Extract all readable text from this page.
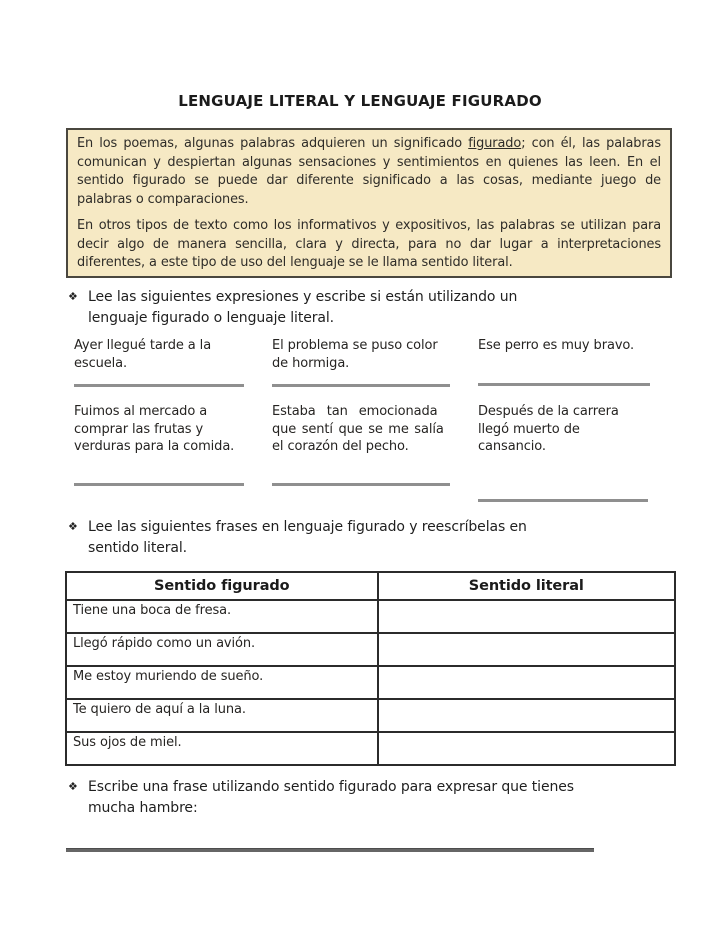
LENGUAJE LITERAL Y LENGUAJE FIGURADO

En los poemas, algunas palabras adquieren un significado figurado; con él, las palabras comunican y despiertan algunas sensaciones y sentimientos en quienes las leen. En el sentido figurado se puede dar diferente significado a las cosas, mediante juego de palabras o comparaciones.

En otros tipos de texto como los informativos y expositivos, las palabras se utilizan para decir algo de manera sencilla, clara y directa, para no dar lugar a interpretaciones diferentes, a este tipo de uso del lenguaje se le llama sentido literal.

❖ Lee las siguientes expresiones y escribe si están utilizando un
lenguaje figurado o lenguaje literal.
Ayer llegué tarde a la
escuela.
El problema se puso color
de hormiga.
Ese perro es muy bravo.
Fuimos al mercado a
comprar las frutas y
verduras para la comida.
Estaba tan emocionada
que sentí que se me salía
el corazón del pecho.
Después de la carrera
llegó muerto de
cansancio.
❖ Lee las siguientes frases en lenguaje figurado y reescríbelas en
sentido literal.
Sentido figurado	Sentido literal
Tiene una boca de fresa.	
Llegó rápido como un avión.	
Me estoy muriendo de sueño.	
Te quiero de aquí a la luna.	
Sus ojos de miel.	
❖ Escribe una frase utilizando sentido figurado para expresar que tienes
mucha hambre:
